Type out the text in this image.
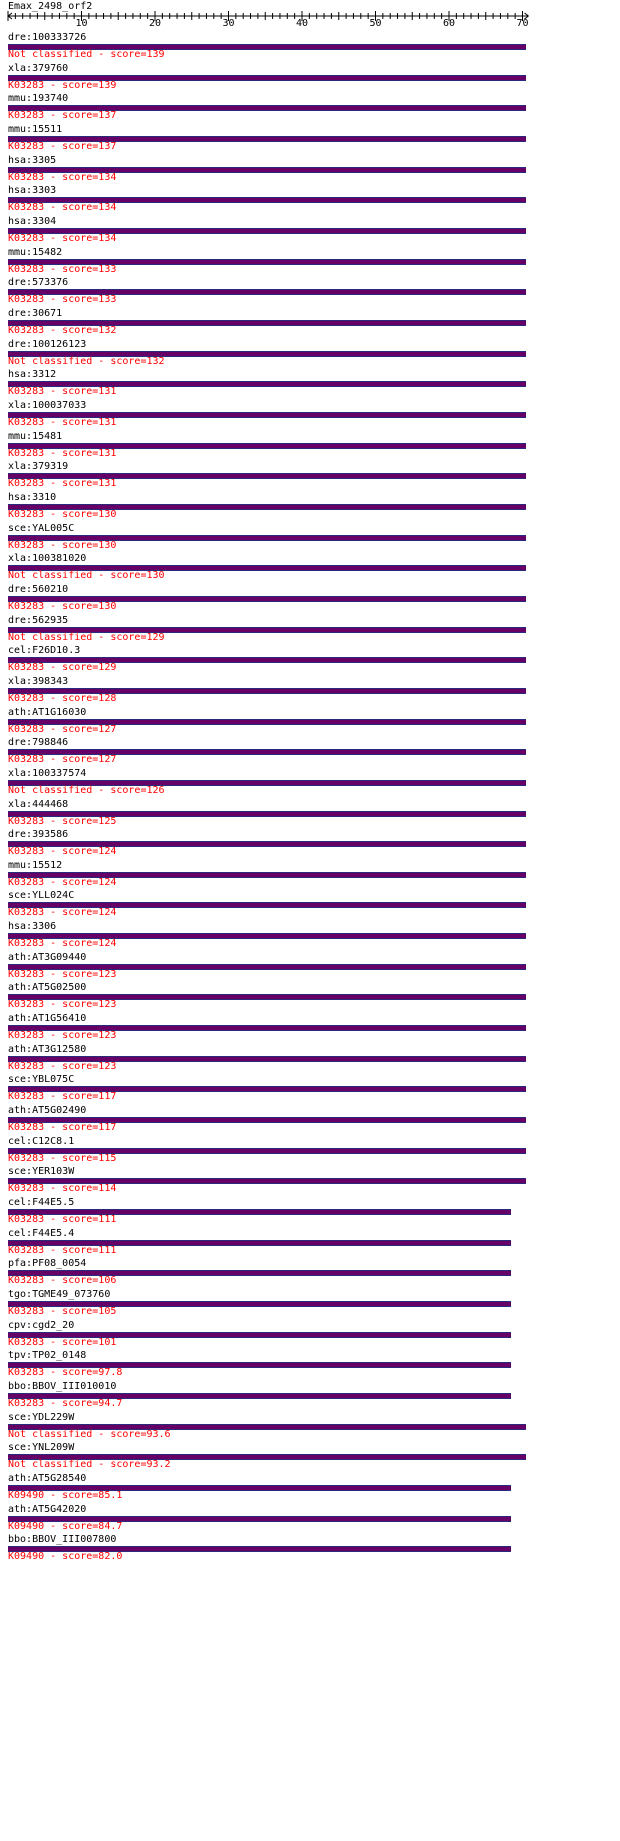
Emax_2498_orf2
10	20	30	40	50	60	70
dre:100333726
Not classified - score=139
xla:379760
K03283 - score=139
mmu:193740
K03283 - score=137
mmu:15511
K03283 - score=137
hsa:3305
K03283 - score=134
hsa:3303
K03283 - score=134
hsa:3304
K03283 - score=134
mmu:15482
K03283 - score=133
dre:573376
K03283 - score=133
dre:30671
K03283 - score=132
dre:100126123
Not classified - score=132
hsa:3312
K03283 - score=131
xla:100037033
K03283 - score=131
mmu:15481
K03283 - score=131
xla:379319
K03283 - score=131
hsa:3310
K03283 - score=130
sce:YAL005C
K03283 - score=130
xla:100381020
Not classified - score=130
dre:560210
K03283 - score=130
dre:562935
Not classified - score=129
cel:F26D10.3
K03283 - score=129
xla:398343
K03283 - score=128
ath:AT1G16030
K03283 - score=127
dre:798846
K03283 - score=127
xla:100337574
Not classified - score=126
xla:444468
K03283 - score=125
dre:393586
K03283 - score=124
mmu:15512
K03283 - score=124
sce:YLL024C
K03283 - score=124
hsa:3306
K03283 - score=124
ath:AT3G09440
K03283 - score=123
ath:AT5G02500
K03283 - score=123
ath:AT1G56410
K03283 - score=123
ath:AT3G12580
K03283 - score=123
sce:YBL075C
K03283 - score=117
ath:AT5G02490
K03283 - score=117
cel:C12C8.1
K03283 - score=115
sce:YER103W
K03283 - score=114
cel:F44E5.5
K03283 - score=111
cel:F44E5.4
K03283 - score=111
pfa:PF08_0054
K03283 - score=106
tgo:TGME49_073760
K03283 - score=105
cpv:cgd2_20
K03283 - score=101
tpv:TP02_0148
K03283 - score=97.8
bbo:BBOV_III010010
K03283 - score=94.7
sce:YDL229W
Not classified - score=93.6
sce:YNL209W
Not classified - score=93.2
ath:AT5G28540
K09490 - score=85.1
ath:AT5G42020
K09490 - score=84.7
bbo:BBOV_III007800
K09490 - score=82.0
